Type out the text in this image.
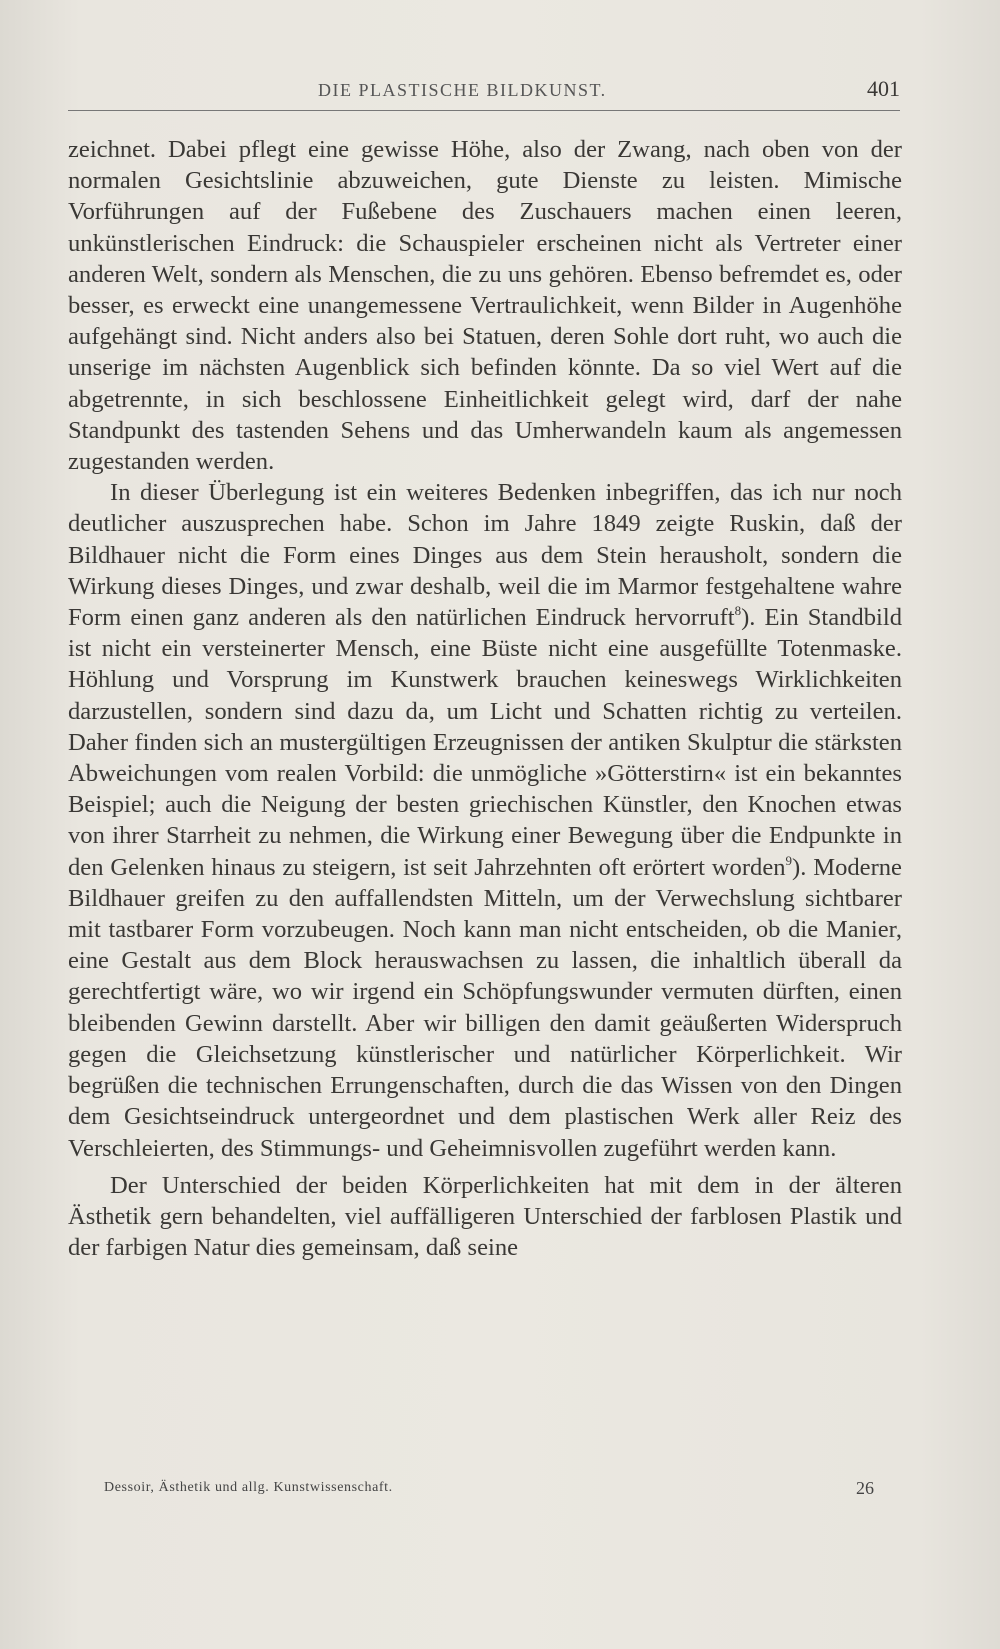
DIE PLASTISCHE BILDKUNST.	401

zeichnet. Dabei pflegt eine gewisse Höhe, also der Zwang, nach oben von der normalen Gesichtslinie abzuweichen, gute Dienste zu leisten. Mimische Vorführungen auf der Fußebene des Zuschauers machen einen leeren, unkünstlerischen Eindruck: die Schauspieler erscheinen nicht als Vertreter einer anderen Welt, sondern als Menschen, die zu uns gehören. Ebenso befremdet es, oder besser, es erweckt eine unangemessene Vertraulichkeit, wenn Bilder in Augenhöhe aufgehängt sind. Nicht anders also bei Statuen, deren Sohle dort ruht, wo auch die unserige im nächsten Augenblick sich befinden könnte. Da so viel Wert auf die abgetrennte, in sich beschlossene Einheitlichkeit gelegt wird, darf der nahe Standpunkt des tastenden Sehens und das Umherwandeln kaum als angemessen zugestanden werden.

In dieser Überlegung ist ein weiteres Bedenken inbegriffen, das ich nur noch deutlicher auszusprechen habe. Schon im Jahre 1849 zeigte Ruskin, daß der Bildhauer nicht die Form eines Dinges aus dem Stein herausholt, sondern die Wirkung dieses Dinges, und zwar deshalb, weil die im Marmor festgehaltene wahre Form einen ganz anderen als den natürlichen Eindruck hervorruft$^8$). Ein Standbild ist nicht ein versteinerter Mensch, eine Büste nicht eine ausgefüllte Totenmaske. Höhlung und Vorsprung im Kunstwerk brauchen keineswegs Wirklichkeiten darzustellen, sondern sind dazu da, um Licht und Schatten richtig zu verteilen. Daher finden sich an mustergültigen Erzeugnissen der antiken Skulptur die stärksten Abweichungen vom realen Vorbild: die unmögliche »Götterstirn« ist ein bekanntes Beispiel; auch die Neigung der besten griechischen Künstler, den Knochen etwas von ihrer Starrheit zu nehmen, die Wirkung einer Bewegung über die Endpunkte in den Gelenken hinaus zu steigern, ist seit Jahrzehnten oft erörtert worden$^9$). Moderne Bildhauer greifen zu den auffallendsten Mitteln, um der Verwechslung sichtbarer mit tastbarer Form vorzubeugen. Noch kann man nicht entscheiden, ob die Manier, eine Gestalt aus dem Block herauswachsen zu lassen, die inhaltlich überall da gerechtfertigt wäre, wo wir irgend ein Schöpfungswunder vermuten dürften, einen bleibenden Gewinn darstellt. Aber wir billigen den damit geäußerten Widerspruch gegen die Gleichsetzung künstlerischer und natürlicher Körperlichkeit. Wir begrüßen die technischen Errungenschaften, durch die das Wissen von den Dingen dem Gesichtseindruck untergeordnet und dem plastischen Werk aller Reiz des Verschleierten, des Stimmungs- und Geheimnisvollen zugeführt werden kann.

Der Unterschied der beiden Körperlichkeiten hat mit dem in der älteren Ästhetik gern behandelten, viel auffälligeren Unterschied der farblosen Plastik und der farbigen Natur dies gemeinsam, daß seine

Dessoir, Ästhetik und allg. Kunstwissenschaft.	26
